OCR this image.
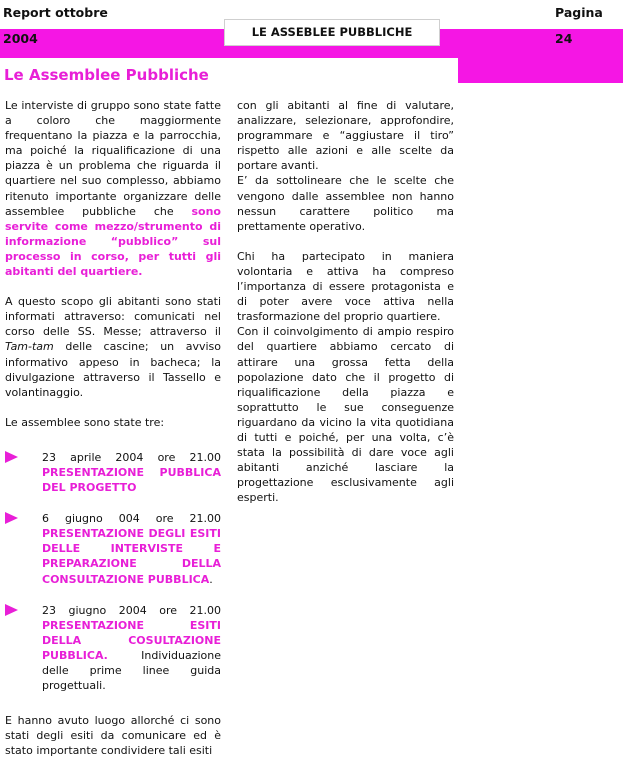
Report ottobre 2004
Pagina 24
LE ASSEBLEE PUBBLICHE
Le Assemblee Pubbliche

Le interviste di gruppo sono state fatte a coloro che maggiormente frequentano la piazza e la parrocchia, ma poiché la riqualificazione di una piazza è un problema che riguarda il quartiere nel suo complesso, abbiamo ritenuto importante organizzare delle assemblee pubbliche che sono servite come mezzo/strumento di informazione “pubblico” sul processo in corso, per tutti gli abitanti del quartiere.

A questo scopo gli abitanti sono stati informati attraverso: comunicati nel corso delle SS. Messe; attraverso il Tam-tam delle cascine; un avviso informativo appeso in bacheca; la divulgazione attraverso il Tassello e volantinaggio.

Le assemblee sono state tre:

23 aprile 2004 ore 21.00 PRESENTAZIONE PUBBLICA DEL PROGETTO
6 giugno 004 ore 21.00 PRESENTAZIONE DEGLI ESITI DELLE INTERVISTE E PREPARAZIONE DELLA CONSULTAZIONE PUBBLICA.
23 giugno 2004 ore 21.00 PRESENTAZIONE ESITI DELLA COSULTAZIONE PUBBLICA. Individuazione delle prime linee guida progettuali.

E hanno avuto luogo allorché ci sono stati degli esiti da comunicare ed è stato importante condividere tali esiti

con gli abitanti al fine di valutare, analizzare, selezionare, approfondire, programmare e “aggiustare il tiro” rispetto alle azioni e alle scelte da portare avanti.

E’ da sottolineare che le scelte che vengono dalle assemblee non hanno nessun carattere politico ma prettamente operativo.

Chi ha partecipato in maniera volontaria e attiva ha compreso l’importanza di essere protagonista e di poter avere voce attiva nella trasformazione del proprio quartiere.

Con il coinvolgimento di ampio respiro del quartiere abbiamo cercato di attirare una grossa fetta della popolazione dato che il progetto di riqualificazione della piazza e soprattutto le sue conseguenze riguardano da vicino la vita quotidiana di tutti e poiché, per una volta, c’è stata la possibilità di dare voce agli abitanti anziché lasciare la progettazione esclusivamente agli esperti.
